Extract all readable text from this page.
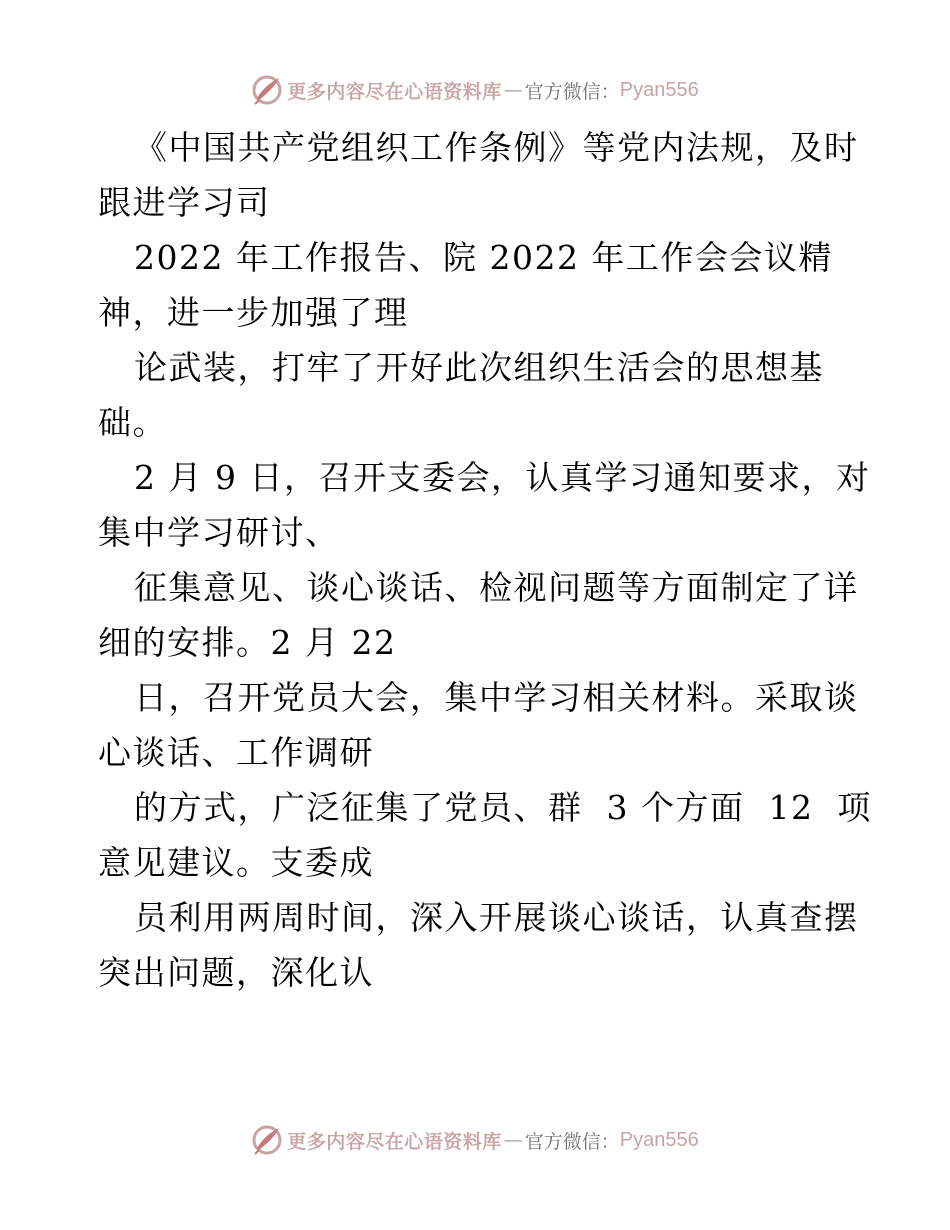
更多内容尽在心语资料库 — 官方微信： Pyan556
《中国共产党组织工作条例》等党内法规，及时
跟进学习司
2022 年工作报告、院 2022 年工作会会议精
神，进一步加强了理
论武装，打牢了开好此次组织生活会的思想基
础。
2 月 9 日，召开支委会，认真学习通知要求，对
集中学习研讨、
征集意见、谈心谈话、检视问题等方面制定了详
细的安排。2 月 22
日，召开党员大会，集中学习相关材料。采取谈
心谈话、工作调研
的方式，广泛征集了党员、群  3 个方面  12  项
意见建议。支委成
员利用两周时间，深入开展谈心谈话，认真查摆
突出问题，深化认
更多内容尽在心语资料库 — 官方微信： Pyan556
